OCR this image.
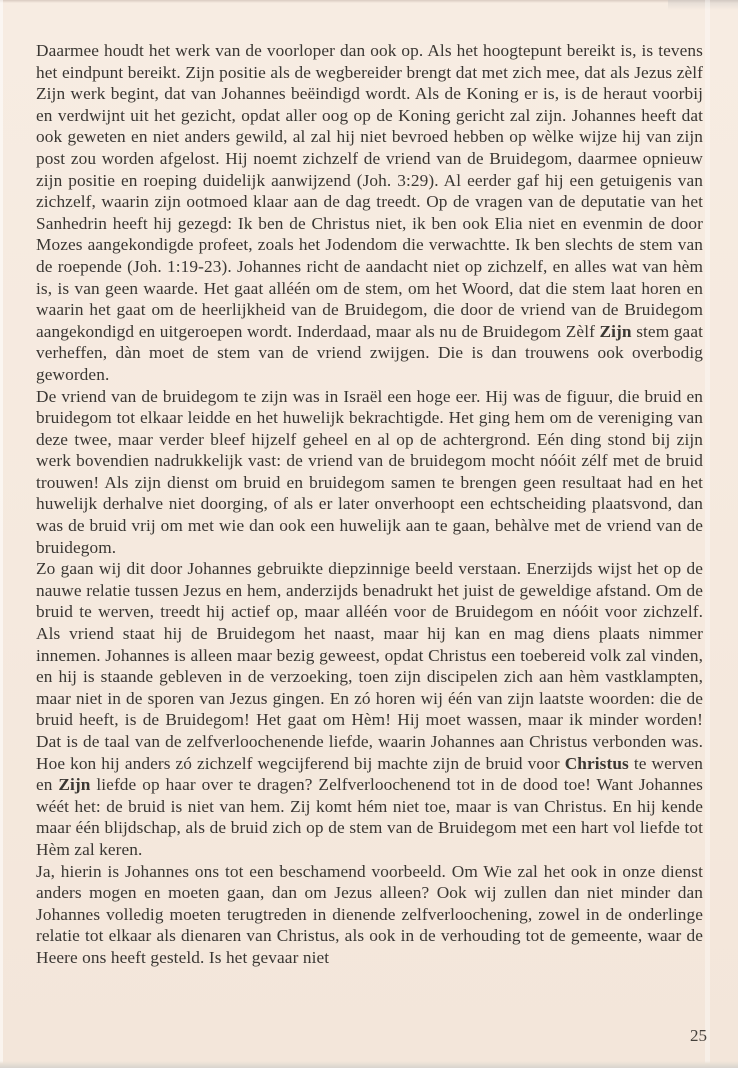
Daarmee houdt het werk van de voorloper dan ook op. Als het hoogtepunt bereikt is, is tevens het eindpunt bereikt. Zijn positie als de wegbereider brengt dat met zich mee, dat als Jezus zèlf Zijn werk begint, dat van Johannes beëindigd wordt. Als de Koning er is, is de heraut voorbij en verdwijnt uit het gezicht, opdat aller oog op de Koning gericht zal zijn. Johannes heeft dat ook geweten en niet anders gewild, al zal hij niet bevroed hebben op wèlke wijze hij van zijn post zou worden afgelost. Hij noemt zichzelf de vriend van de Bruidegom, daarmee opnieuw zijn positie en roeping duidelijk aanwijzend (Joh. 3:29). Al eerder gaf hij een getuigenis van zichzelf, waarin zijn ootmoed klaar aan de dag treedt. Op de vragen van de deputatie van het Sanhedrin heeft hij gezegd: Ik ben de Christus niet, ik ben ook Elia niet en evenmin de door Mozes aangekondigde profeet, zoals het Jodendom die verwachtte. Ik ben slechts de stem van de roepende (Joh. 1:19-23). Johannes richt de aandacht niet op zichzelf, en alles wat van hèm is, is van geen waarde. Het gaat alléén om de stem, om het Woord, dat die stem laat horen en waarin het gaat om de heerlijkheid van de Bruidegom, die door de vriend van de Bruidegom aangekondigd en uitgeroepen wordt. Inderdaad, maar als nu de Bruidegom Zèlf Zijn stem gaat verheffen, dàn moet de stem van de vriend zwijgen. Die is dan trouwens ook overbodig geworden.

De vriend van de bruidegom te zijn was in Israël een hoge eer. Hij was de figuur, die bruid en bruidegom tot elkaar leidde en het huwelijk bekrachtigde. Het ging hem om de vereniging van deze twee, maar verder bleef hijzelf geheel en al op de achtergrond. Eén ding stond bij zijn werk bovendien nadrukkelijk vast: de vriend van de bruidegom mocht nóóit zélf met de bruid trouwen! Als zijn dienst om bruid en bruidegom samen te brengen geen resultaat had en het huwelijk derhalve niet doorging, of als er later onverhoopt een echtscheiding plaatsvond, dan was de bruid vrij om met wie dan ook een huwelijk aan te gaan, behàlve met de vriend van de bruidegom.

Zo gaan wij dit door Johannes gebruikte diepzinnige beeld verstaan. Enerzijds wijst het op de nauwe relatie tussen Jezus en hem, anderzijds benadrukt het juist de geweldige afstand. Om de bruid te werven, treedt hij actief op, maar alléén voor de Bruidegom en nóóit voor zichzelf. Als vriend staat hij de Bruidegom het naast, maar hij kan en mag diens plaats nimmer innemen. Johannes is alleen maar bezig geweest, opdat Christus een toebereid volk zal vinden, en hij is staande gebleven in de verzoeking, toen zijn discipelen zich aan hèm vastklampten, maar niet in de sporen van Jezus gingen. En zó horen wij één van zijn laatste woorden: die de bruid heeft, is de Bruidegom! Het gaat om Hèm! Hij moet wassen, maar ik minder worden! Dat is de taal van de zelfverloochenende liefde, waarin Johannes aan Christus verbonden was. Hoe kon hij anders zó zichzelf wegcijferend bij machte zijn de bruid voor Christus te werven en Zijn liefde op haar over te dragen? Zelfverloochenend tot in de dood toe! Want Johannes wéét het: de bruid is niet van hem. Zij komt hém niet toe, maar is van Christus. En hij kende maar één blijdschap, als de bruid zich op de stem van de Bruidegom met een hart vol liefde tot Hèm zal keren.

Ja, hierin is Johannes ons tot een beschamend voorbeeld. Om Wie zal het ook in onze dienst anders mogen en moeten gaan, dan om Jezus alleen? Ook wij zullen dan niet minder dan Johannes volledig moeten terugtreden in dienende zelfverloochening, zowel in de onderlinge relatie tot elkaar als dienaren van Christus, als ook in de verhouding tot de gemeente, waar de Heere ons heeft gesteld. Is het gevaar niet

25
